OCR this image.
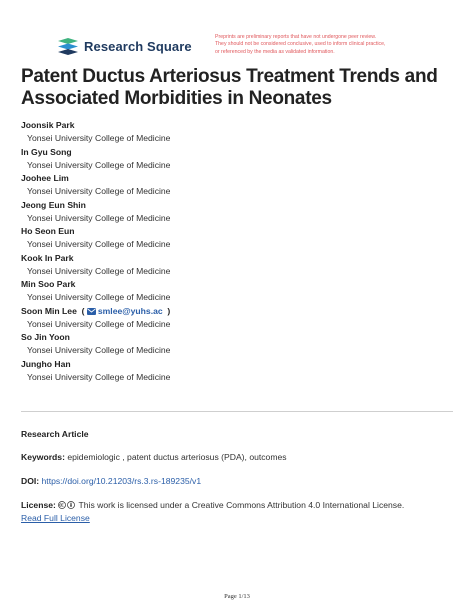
Research Square
Preprints are preliminary reports that have not undergone peer review.
They should not be considered conclusive, used to inform clinical practice,
or referenced by the media as validated information.
Patent Ductus Arteriosus Treatment Trends and Associated Morbidities in Neonates
Joonsik Park
Yonsei University College of Medicine
In Gyu Song
Yonsei University College of Medicine
Joohee Lim
Yonsei University College of Medicine
Jeong Eun Shin
Yonsei University College of Medicine
Ho Seon Eun
Yonsei University College of Medicine
Kook In Park
Yonsei University College of Medicine
Min Soo Park
Yonsei University College of Medicine
Soon Min Lee  ( smlee@yuhs.ac  )
Yonsei University College of Medicine
So Jin Yoon
Yonsei University College of Medicine
Jungho Han
Yonsei University College of Medicine
Research Article
Keywords: epidemiologic , patent ductus arteriosus (PDA), outcomes
DOI: https://doi.org/10.21203/rs.3.rs-189235/v1
License:	This work is licensed under a Creative Commons Attribution 4.0 International License.
Read Full License
Page 1/13
